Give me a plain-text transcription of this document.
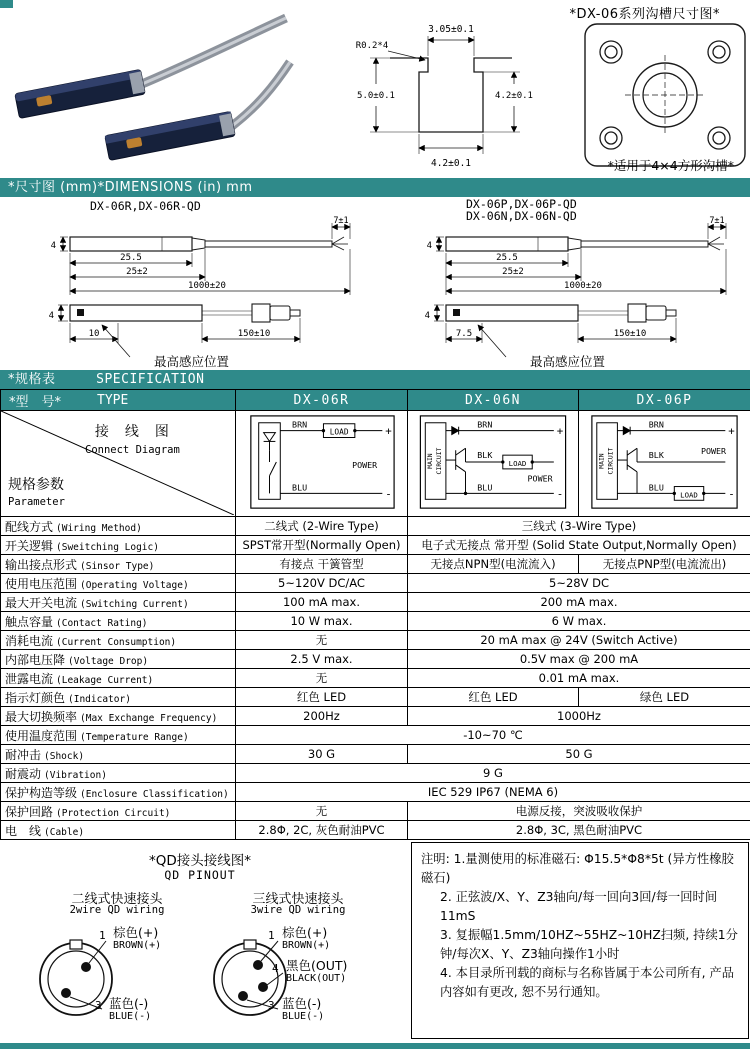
*DX-06系列沟槽尺寸图*
3.05±0.1
R0.2*4
5.0±0.1	4.2±0.1
4.2±0.1	*适用于4×4方形沟槽*
*尺寸图 (mm)*DIMENSIONS (in) mm
DX-06R,DX-06R-QD
7±1
4
25.5
25±2
1000±20
4
10	150±10
最高感应位置
DX-06P,DX-06P-QD
DX-06N,DX-06N-QD	7±1
4
25.5
25±2
1000±20
4
7.5	150±10
最高感应位置
*规格表	SPECIFICATION
*型　号* TYPE	DX-06R	DX-06N	DX-06P

接　线　图
Connect Diagram
规格参数
Parameter

BRN
LOAD	+
POWER
BLU	-

MAIN CIRCUIT
BRN
BLK
LOAD
BLU
POWER
+
-

MAIN CIRCUIT
BRN
BLK
BLU
LOAD
POWER
+
-

配线方式 (Wiring Method)	二线式 (2-Wire Type)	三线式 (3-Wire Type)	
开关逻辑 (Sweitching Logic)	SPST常开型(Normally Open)	电子式无接点 常开型 (Solid State Output,Normally Open)	
输出接点形式 (Sinsor Type)	有接点 干簧管型	无接点NPN型(电流流入)	无接点PNP型(电流流出)
使用电压范围 (Operating Voltage)	5~120V DC/AC	5~28V DC	
最大开关电流 (Switching Current)	100 mA max.	200 mA max.	
触点容量 (Contact Rating)	10 W max.	6 W max.	
消耗电流 (Current Consumption)	无	20 mA max @ 24V (Switch Active)	
内部电压降 (Voltage Drop)	2.5 V max.	0.5V max @ 200 mA	
泄露电流 (Leakage Current)	无	0.01 mA max.	
指示灯颜色 (Indicator)	红色 LED	红色 LED	绿色 LED
最大切换频率 (Max Exchange Frequency)	200Hz	1000Hz	
使用温度范围 (Temperature Range)	-10~70 ℃		
耐冲击 (Shock)	30 G	50 G	
耐震动 (Vibration)	9 G		
保护构造等级 (Enclosure Classification)	IEC 529 IP67 (NEMA 6)		
保护回路 (Protection Circuit)	无	电源反接，突波吸收保护	
电　线 (Cable)	2.8Φ, 2C, 灰色耐油PVC	2.8Φ, 3C, 黑色耐油PVC	
*QD接头接线图*
QD PINOUT
二线式快速接头
2wire QD wiring
三线式快速接头
3wire QD wiring
1 棕色(+)
BROWN(+)
3 蓝色(-)
BLUE(-)
1 棕色(+)
BROWN(+)
4 黑色(OUT)
BLACK(OUT)
3 蓝色(-)
BLUE(-)
注明: 1.量测使用的标准磁石: Φ15.5*Φ8*5t (异方性橡胶磁石)
2. 正弦波/X、Y、Z3轴向/每一回向3回/每一回时间11mS
3. 复振幅1.5mm/10HZ~55HZ~10HZ扫频, 持续1分钟/每次X、Y、Z3轴向操作1小时
4. 本目录所刊载的商标与名称皆属于本公司所有, 产品内容如有更改, 恕不另行通知。
